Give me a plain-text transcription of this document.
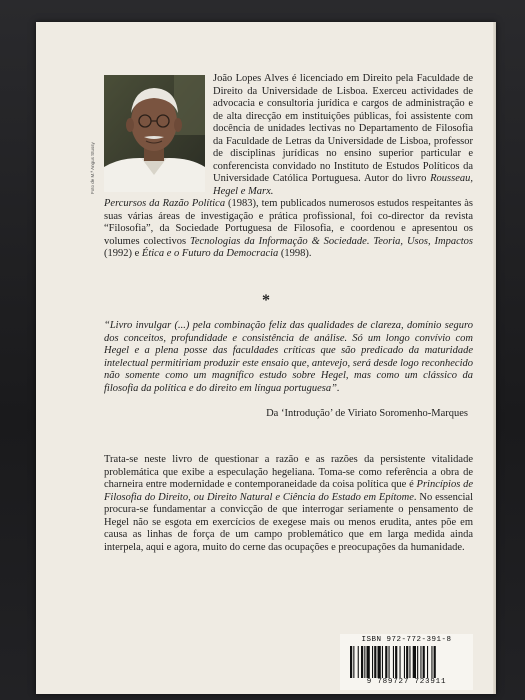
Foto de M.ª Angus Stussy
João Lopes Alves é licenciado em Direito pela Faculdade de Direito da Universidade de Lisboa. Exerceu actividades de advocacia e consultoria jurídica e cargos de administração e de alta direcção em instituições públicas, foi assistente com docência de unidades lectivas no Departamento de Filosofia da Faculdade de Letras da Universidade de Lisboa, professor de disciplinas jurídicas no ensino superior particular e conferencista convidado no Instituto de Estudos Políticos da Universidade Católica Portuguesa. Autor do livro Rousseau, Hegel e Marx.
Percursos da Razão Política (1983), tem publicados numerosos estudos respeitantes às suas várias áreas de investigação e prática profissional, foi co-director da revista “Filosofia”, da Sociedade Portuguesa de Filosofia, e coordenou e apresentou os volumes colectivos Tecnologias da Informação & Sociedade. Teoria, Usos, Impactos (1992) e Ética e o Futuro da Democracia (1998).
*
“Livro invulgar (...) pela combinação feliz das qualidades de clareza, domínio seguro dos conceitos, profundidade e consistência de análise. Só um longo convívio com Hegel e a plena posse das faculdades críticas que são predicado da maturidade intelectual permitiriam produzir este ensaio que, antevejo, será desde logo reconhecido não somente como um magnífico estudo sobre Hegel, mas como um clássico da filosofia da política e do direito em língua portuguesa”.
Da ‘Introdução’ de Viriato Soromenho-Marques
Trata-se neste livro de questionar a razão e as razões da persistente vitalidade problemática que exibe a especulação hegeliana. Toma-se como referência a obra de charneira entre modernidade e contemporaneidade da coisa política que é Princípios de Filosofia do Direito, ou Direito Natural e Ciência do Estado em Epítome. No essencial procura-se fundamentar a convicção de que interrogar seriamente o pensamento de Hegel não se esgota em exercícios de exegese mais ou menos erudita, antes põe em causa as linhas de força de um campo problemático que em larga medida ainda interpela, aqui e agora, muito do cerne das ocupações e preocupações da humanidade.
ISBN 972-772-391-8
9 789727 723911
